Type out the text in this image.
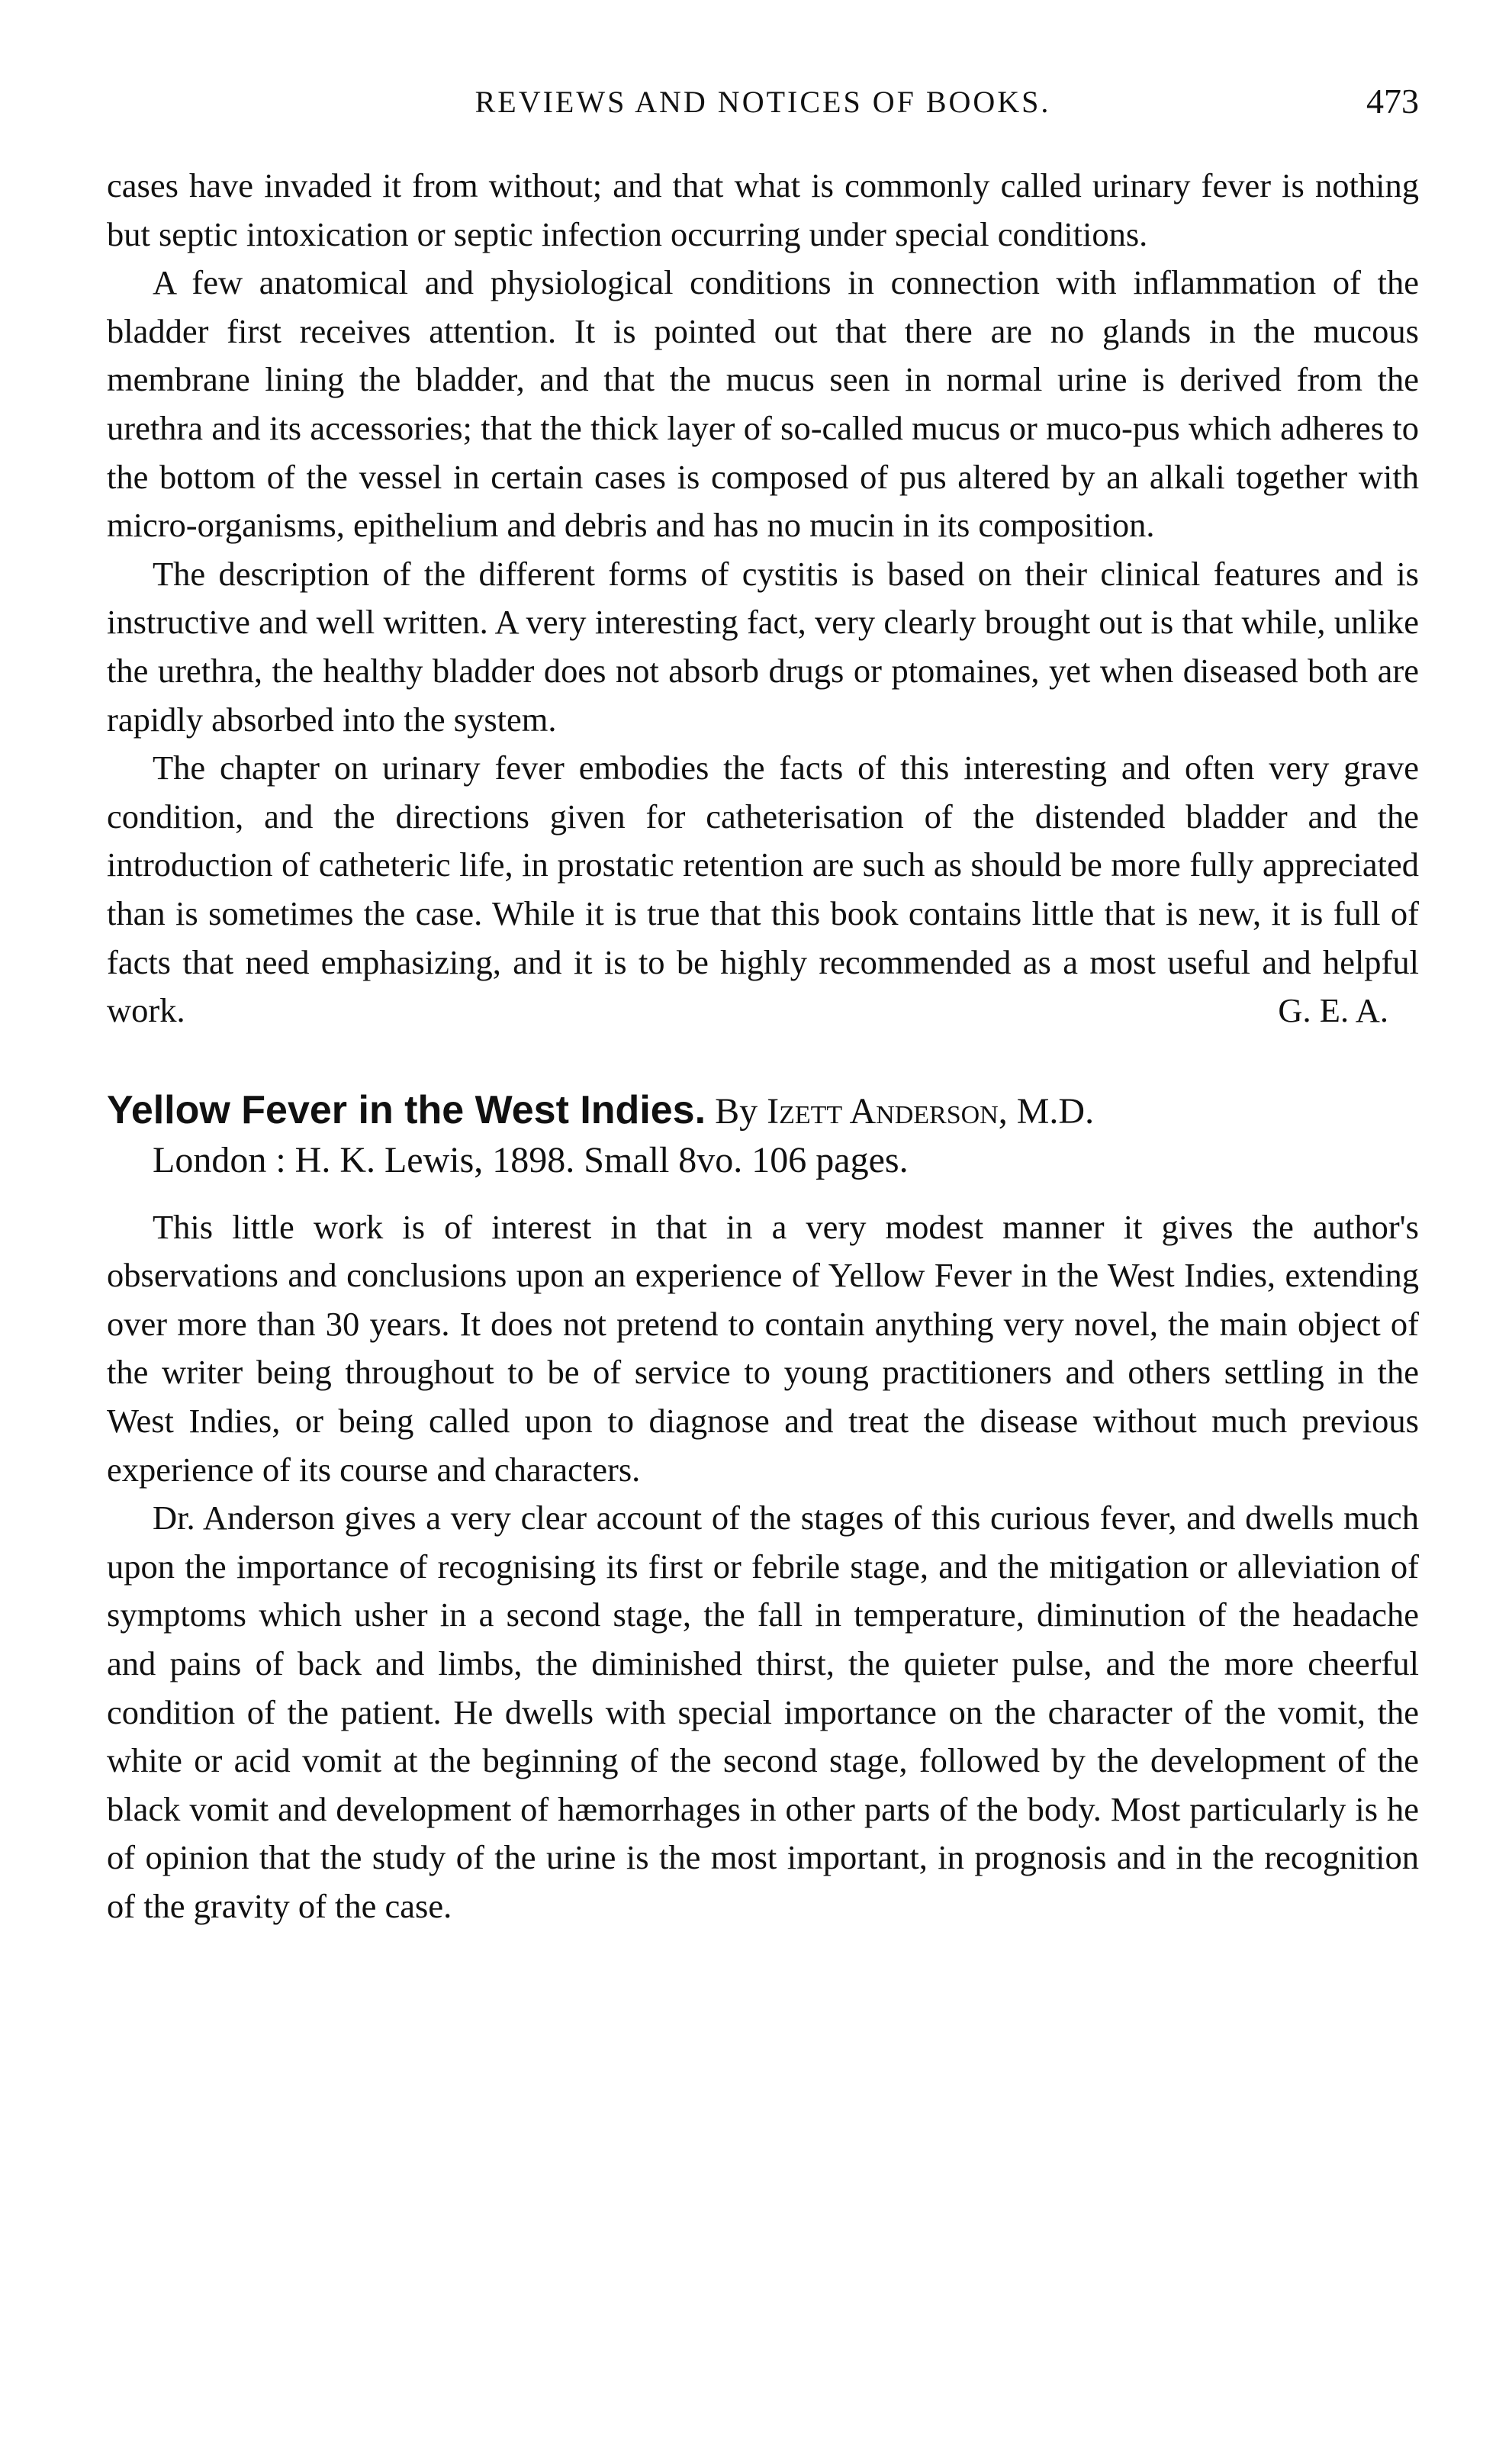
REVIEWS AND NOTICES OF BOOKS.	473

cases have invaded it from without; and that what is commonly called urinary fever is nothing but septic intoxication or septic infection occurring under special conditions.

A few anatomical and physiological conditions in connection with inflammation of the bladder first receives attention. It is pointed out that there are no glands in the mucous membrane lining the bladder, and that the mucus seen in normal urine is derived from the urethra and its accessories; that the thick layer of so-called mucus or muco-pus which adheres to the bottom of the vessel in certain cases is composed of pus altered by an alkali together with micro-organisms, epithelium and debris and has no mucin in its composition.

The description of the different forms of cystitis is based on their clinical features and is instructive and well written. A very interesting fact, very clearly brought out is that while, unlike the urethra, the healthy bladder does not absorb drugs or ptomaines, yet when diseased both are rapidly absorbed into the system.

The chapter on urinary fever embodies the facts of this interesting and often very grave condition, and the directions given for catheterisation of the distended bladder and the introduction of catheteric life, in prostatic retention are such as should be more fully appreciated than is sometimes the case. While it is true that this book contains little that is new, it is full of facts that need emphasizing, and it is to be highly recommended as a most useful and helpful work.	G. E. A.
Yellow Fever in the West Indies. By Izett Anderson, M.D.
London : H. K. Lewis, 1898. Small 8vo. 106 pages.

This little work is of interest in that in a very modest manner it gives the author's observations and conclusions upon an experience of Yellow Fever in the West Indies, extending over more than 30 years. It does not pretend to contain anything very novel, the main object of the writer being throughout to be of service to young practitioners and others settling in the West Indies, or being called upon to diagnose and treat the disease without much previous experience of its course and characters.

Dr. Anderson gives a very clear account of the stages of this curious fever, and dwells much upon the importance of recognising its first or febrile stage, and the mitigation or alleviation of symptoms which usher in a second stage, the fall in temperature, diminution of the headache and pains of back and limbs, the diminished thirst, the quieter pulse, and the more cheerful condition of the patient. He dwells with special importance on the character of the vomit, the white or acid vomit at the beginning of the second stage, followed by the development of the black vomit and development of hæmorrhages in other parts of the body. Most particularly is he of opinion that the study of the urine is the most important, in prognosis and in the recognition of the gravity of the case.
